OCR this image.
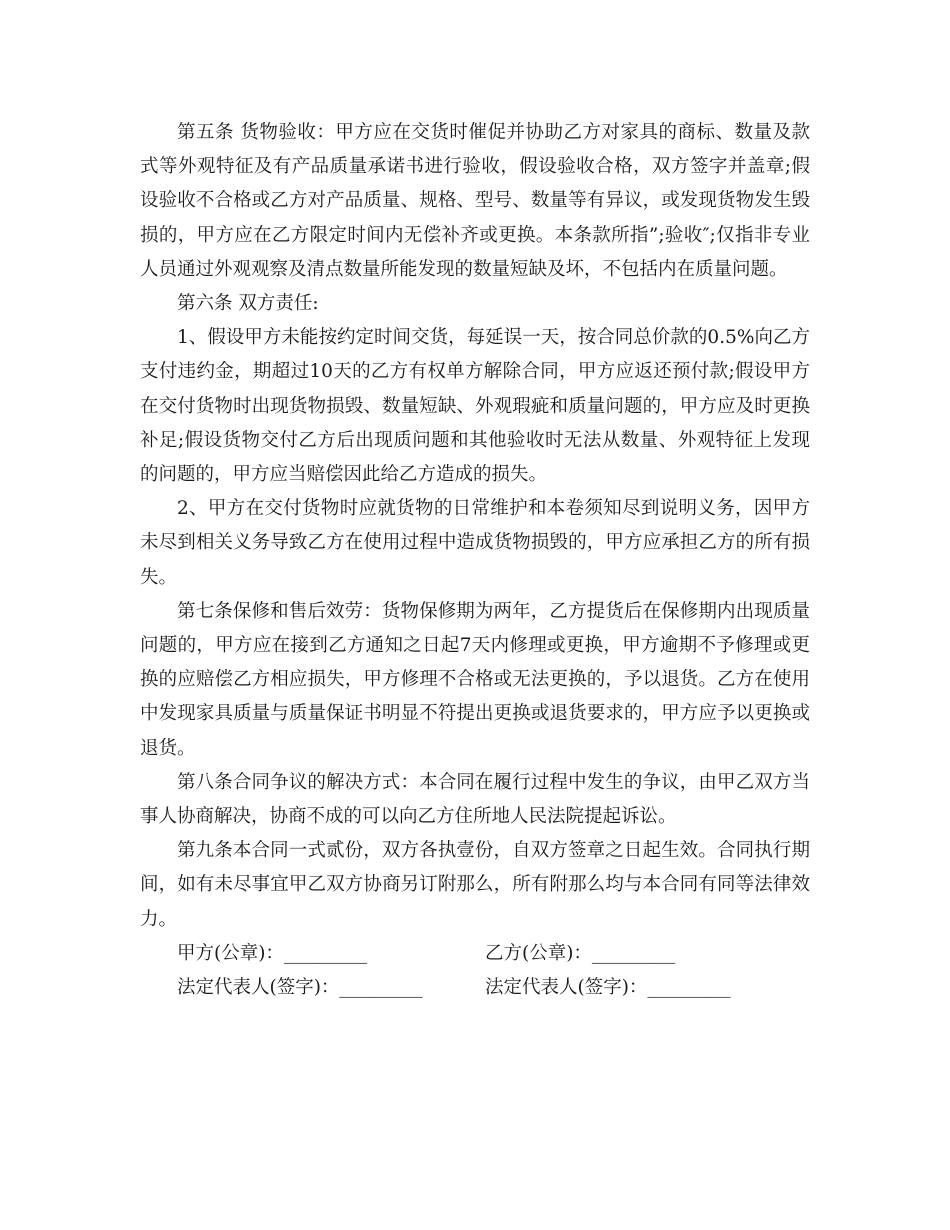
第五条 货物验收：甲方应在交货时催促并协助乙方对家具的商标、数量及款式等外观特征及有产品质量承诺书进行验收，假设验收合格，双方签字并盖章;假设验收不合格或乙方对产品质量、规格、型号、数量等有异议，或发现货物发生毁损的，甲方应在乙方限定时间内无偿补齐或更换。本条款所指”;验收″;仅指非专业人员通过外观观察及清点数量所能发现的数量短缺及坏，不包括内在质量问题。

第六条 双方责任:

1、假设甲方未能按约定时间交货，每延误一天，按合同总价款的0.5%向乙方支付违约金，期超过10天的乙方有权单方解除合同，甲方应返还预付款;假设甲方在交付货物时出现货物损毁、数量短缺、外观瑕疵和质量问题的，甲方应及时更换补足;假设货物交付乙方后出现质问题和其他验收时无法从数量、外观特征上发现的问题的，甲方应当赔偿因此给乙方造成的损失。

2、甲方在交付货物时应就货物的日常维护和本卷须知尽到说明义务，因甲方未尽到相关义务导致乙方在使用过程中造成货物损毁的，甲方应承担乙方的所有损失。

第七条保修和售后效劳：货物保修期为两年，乙方提货后在保修期内出现质量问题的，甲方应在接到乙方通知之日起7天内修理或更换，甲方逾期不予修理或更换的应赔偿乙方相应损失，甲方修理不合格或无法更换的，予以退货。乙方在使用中发现家具质量与质量保证书明显不符提出更换或退货要求的，甲方应予以更换或退货。

第八条合同争议的解决方式：本合同在履行过程中发生的争议，由甲乙双方当事人协商解决，协商不成的可以向乙方住所地人民法院提起诉讼。

第九条本合同一式贰份，双方各执壹份，自双方签章之日起生效。合同执行期间，如有未尽事宜甲乙双方协商另订附那么，所有附那么均与本合同有同等法律效力。

甲方(公章)：_________	乙方(公章)：_________
法定代表人(签字)：_________	法定代表人(签字)：_________
